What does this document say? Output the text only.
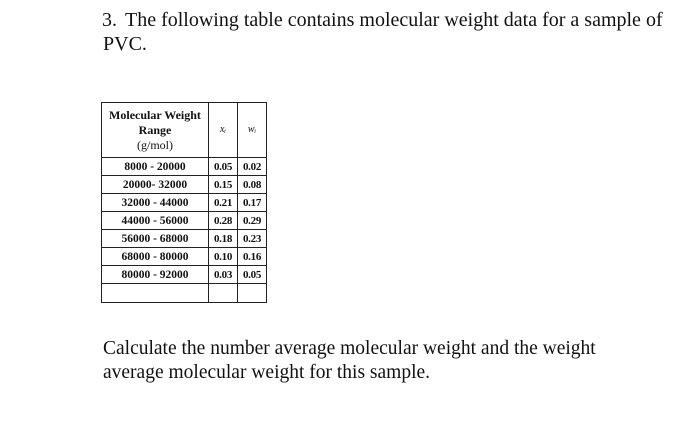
3. The following table contains molecular weight data for a sample of PVC.

Molecular Weight
Range
(g/mol)	xᵢ	wᵢ
8000 - 20000	0.05	0.02
20000- 32000	0.15	0.08
32000 - 44000	0.21	0.17
44000 - 56000	0.28	0.29
56000 - 68000	0.18	0.23
68000 - 80000	0.10	0.16
80000 - 92000	0.03	0.05

Calculate the number average molecular weight and the weight average molecular weight for this sample.
